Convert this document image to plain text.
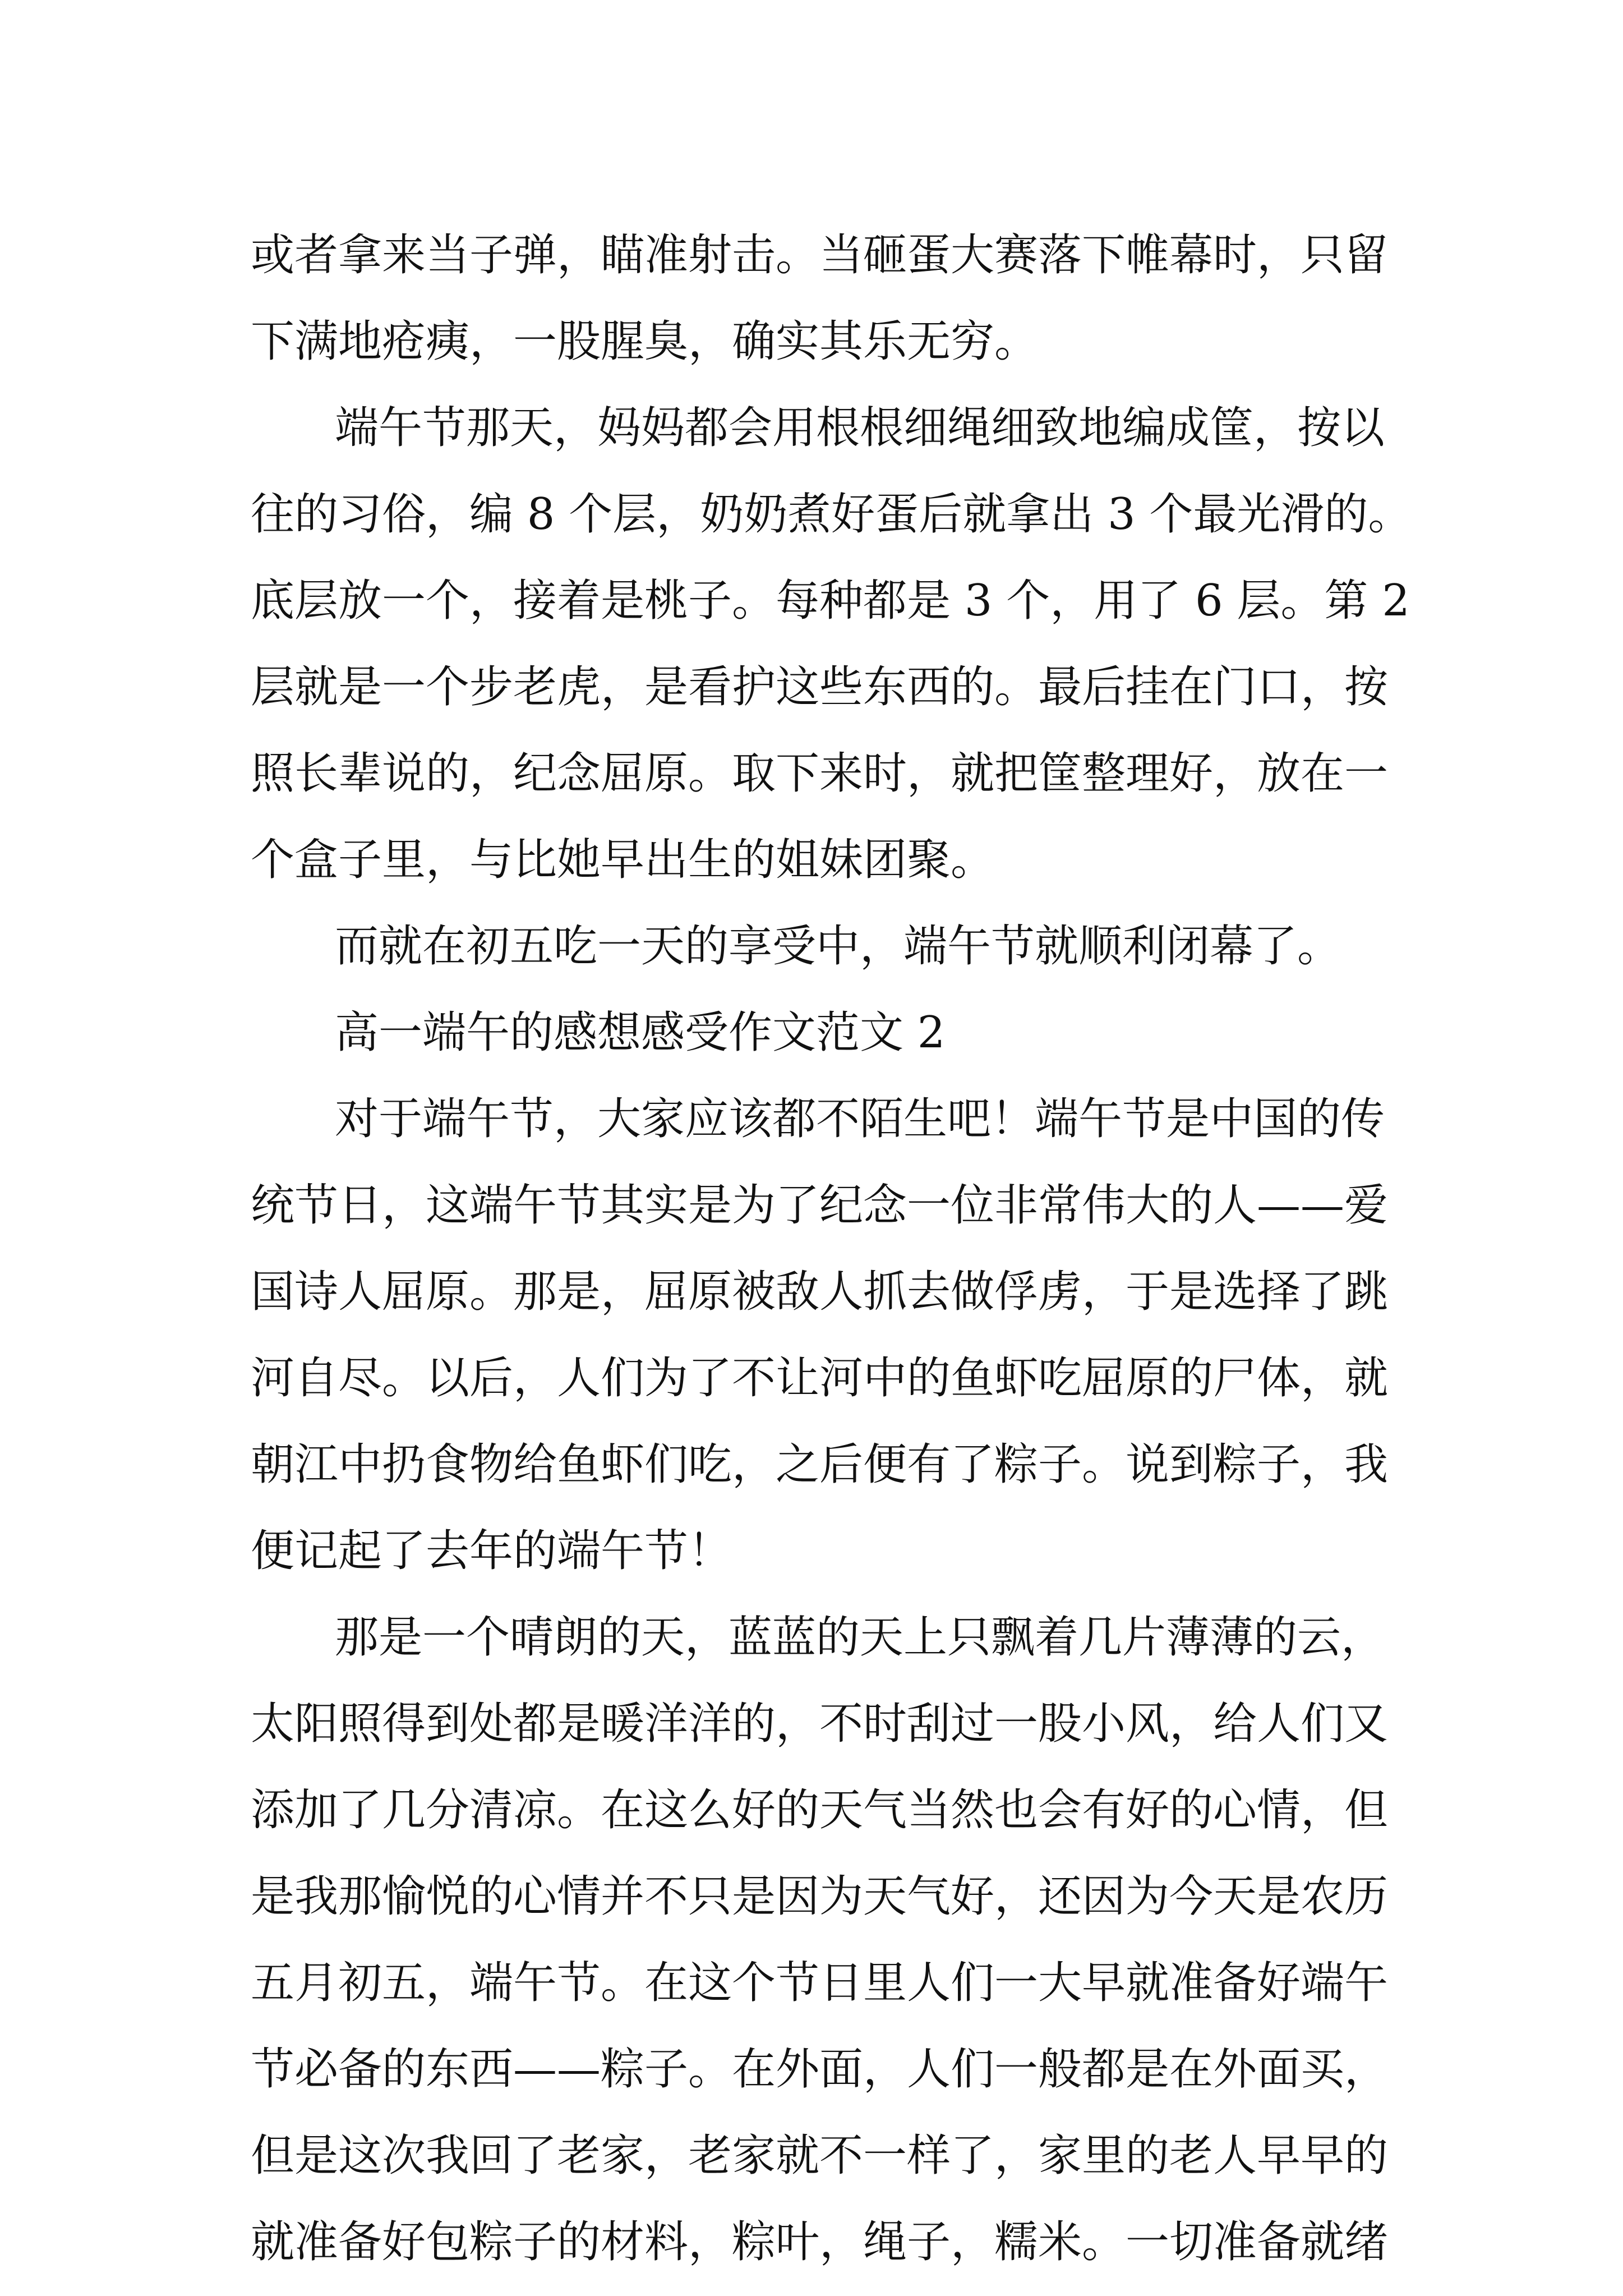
或者拿来当子弹，瞄准射击。当砸蛋大赛落下帷幕时，只留
下满地疮痍，一股腥臭，确实其乐无穷。
端午节那天，妈妈都会用根根细绳细致地编成筐，按以
往的习俗，编 8 个层，奶奶煮好蛋后就拿出 3 个最光滑的。
底层放一个，接着是桃子。每种都是 3 个，用了 6 层。第 2
层就是一个步老虎，是看护这些东西的。最后挂在门口，按
照长辈说的，纪念屈原。取下来时，就把筐整理好，放在一
个盒子里，与比她早出生的姐妹团聚。
而就在初五吃一天的享受中，端午节就顺利闭幕了。
高一端午的感想感受作文范文 2
对于端午节，大家应该都不陌生吧！端午节是中国的传
统节日，这端午节其实是为了纪念一位非常伟大的人——爱
国诗人屈原。那是，屈原被敌人抓去做俘虏，于是选择了跳
河自尽。以后，人们为了不让河中的鱼虾吃屈原的尸体，就
朝江中扔食物给鱼虾们吃，之后便有了粽子。说到粽子，我
便记起了去年的端午节！
那是一个晴朗的天，蓝蓝的天上只飘着几片薄薄的云，
太阳照得到处都是暖洋洋的，不时刮过一股小风，给人们又
添加了几分清凉。在这么好的天气当然也会有好的心情，但
是我那愉悦的心情并不只是因为天气好，还因为今天是农历
五月初五，端午节。在这个节日里人们一大早就准备好端午
节必备的东西——粽子。在外面，人们一般都是在外面买，
但是这次我回了老家，老家就不一样了，家里的老人早早的
就准备好包粽子的材料，粽叶，绳子，糯米。一切准备就绪
